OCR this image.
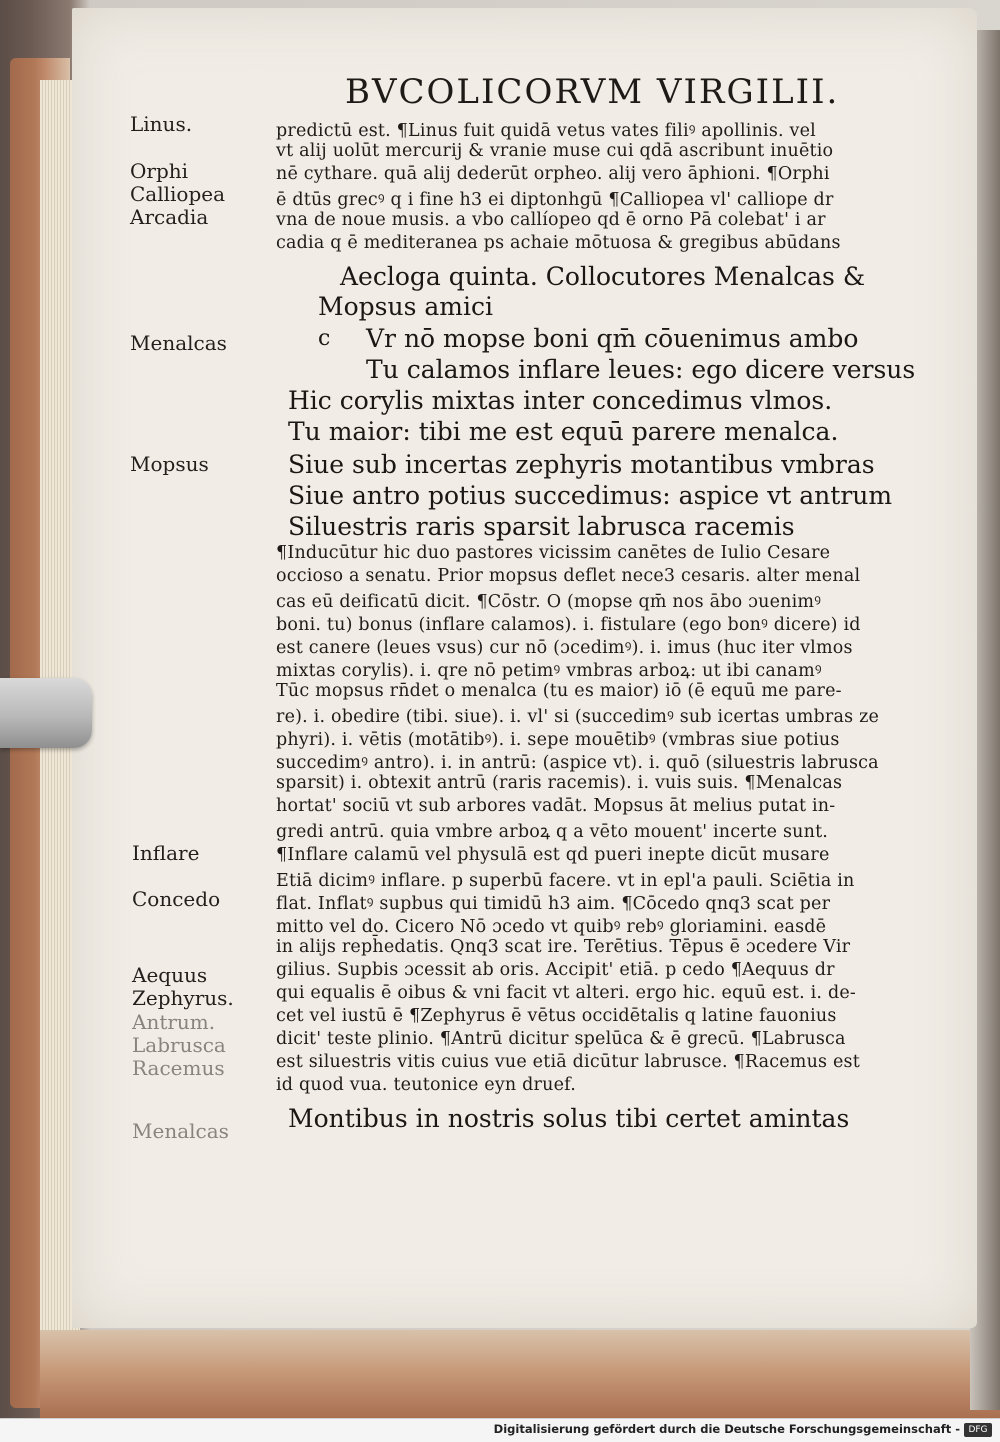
BVCOLICORVM VIRGILII.
Linus.
Orphi
Calliopea
Arcadia
Menalcas
Mopsus
Inflare
Concedo
Aequus
Zephyrus.
Antrum.
Labrusca
Racemus
Menalcas
predictū est. ¶Linus fuit quidā vetus vates filiꝰ apollinis. vel
vt alij uolūt mercurij & vranie muse cui qdā ascribunt inuētio
nē cythare. quā alij dederūt orpheo. alij vero āphioni. ¶Orphi
ē dtūs grecꝰ q i fine h3 ei diptonhgū ¶Calliopea vl' calliope dr
vna de noue musis. a vbo callíopeo qd ē orno Pā colebat' i ar
cadia q ē mediteranea ps achaie mōtuosa & gregibus abūdans
Aecloga quinta. Collocutores Menalcas &
Mopsus amici
c Vr nō mopse boni qm̄ cōuenimus ambo
Tu calamos inflare leues: ego dicere versus
Hic corylis mixtas inter concedimus vlmos.
Tu maior: tibi me est equū parere menalca.
Siue sub incertas zephyris motantibus vmbras
Siue antro potius succedimus: aspice vt antrum
Siluestris raris sparsit labrusca racemis
¶Inducūtur hic duo pastores vicissim canētes de Iulio Cesare
occioso a senatu. Prior mopsus deflet nece3 cesaris. alter menal
cas eū deificatū dicit. ¶Cōstr. O (mopse qm̄ nos ābo ɔuenimꝰ
boni. tu) bonus (inflare calamos). i. fistulare (ego bonꝰ dicere) id
est canere (leues vsus) cur nō (ɔcedimꝰ). i. imus (huc iter vlmos
mixtas corylis). i. qre nō petimꝰ vmbras arboꝝ: ut ibi canamꝰ
Tūc mopsus rn̄det o menalca (tu es maior) iō (ē equū me pare-
re). i. obedire (tibi. siue). i. vl' si (succedimꝰ sub icertas umbras ze
phyri). i. vētis (motātibꝰ). i. sepe mouētibꝰ (vmbras siue potius
succedimꝰ antro). i. in antrū: (aspice vt). i. quō (siluestris labrusca
sparsit) i. obtexit antrū (raris racemis). i. vuis suis. ¶Menalcas
hortat' sociū vt sub arbores vadāt. Mopsus āt melius putat in-
gredi antrū. quia vmbre arboꝝ q a vēto mouent' incerte sunt.
¶Inflare calamū vel physulā est qd pueri inepte dicūt musare
Etiā dicimꝰ inflare. p superbū facere. vt in epl'a pauli. Sciētia in
flat. Inflatꝰ supbus qui timidū h3 aim. ¶Cōcedo qnq3 scat per
mitto vel do. Cicero Nō ɔcedo vt quibꝰ rebꝰ gloriamini. easdē
in alijs reph̄edatis. Qnq3 scat ire. Terētius. Tēpus ē ɔcedere Vir
gilius. Supbis ɔcessit ab oris. Accipit' etiā. p cedo ¶Aequus dr
qui equalis ē oibus & vni facit vt alteri. ergo hic. equū est. i. de-
cet vel iustū ē ¶Zephyrus ē vētus occidētalis q latine fauonius
dicit' teste plinio. ¶Antrū dicitur spelūca & ē grecū. ¶Labrusca
est siluestris vitis cuius vue etiā dicūtur labrusce. ¶Racemus est
id quod vua. teutonice eyn druef.
Montibus in nostris solus tibi certet amintas
Digitalisierung gefördert durch die Deutsche Forschungsgemeinschaft - DFG
